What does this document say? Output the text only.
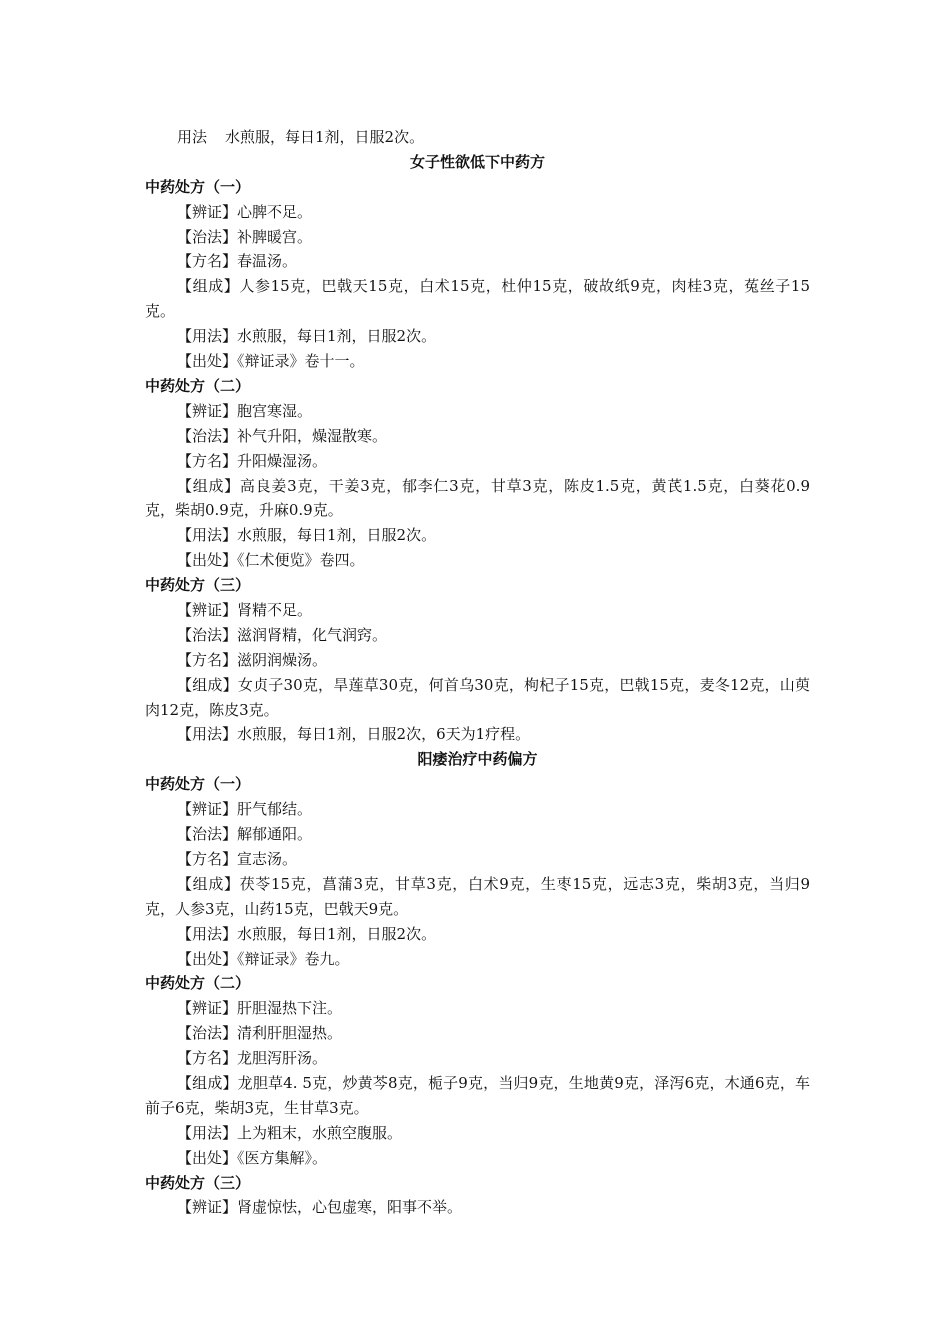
用法 水煎服，每日1剂，日服2次。
女子性欲低下中药方
中药处方（一）
【辨证】心脾不足。
【治法】补脾暖宫。
【方名】春温汤。
【组成】人参15克，巴戟天15克，白术15克，杜仲15克，破故纸9克，肉桂3克，菟丝子15克。
【用法】水煎服，每日1剂，日服2次。
【出处】《辩证录》卷十一。
中药处方（二）
【辨证】胞宫寒湿。
【治法】补气升阳，燥湿散寒。
【方名】升阳燥湿汤。
【组成】高良姜3克，干姜3克，郁李仁3克，甘草3克，陈皮1.5克，黄芪1.5克，白葵花0.9克，柴胡0.9克，升麻0.9克。
【用法】水煎服，每日1剂，日服2次。
【出处】《仁术便览》卷四。
中药处方（三）
【辨证】肾精不足。
【治法】滋润肾精，化气润窍。
【方名】滋阴润燥汤。
【组成】女贞子30克，旱莲草30克，何首乌30克，枸杞子15克，巴戟15克，麦冬12克，山萸肉12克，陈皮3克。
【用法】水煎服，每日1剂，日服2次，6天为1疗程。
阳痿治疗中药偏方
中药处方（一）
【辨证】肝气郁结。
【治法】解郁通阳。
【方名】宣志汤。
【组成】茯苓15克，菖蒲3克，甘草3克，白术9克，生枣15克，远志3克，柴胡3克，当归9克，人参3克，山药15克，巴戟天9克。
【用法】水煎服，每日1剂，日服2次。
【出处】《辩证录》卷九。
中药处方（二）
【辨证】肝胆湿热下注。
【治法】清利肝胆湿热。
【方名】龙胆泻肝汤。
【组成】龙胆草4. 5克，炒黄芩8克，栀子9克，当归9克，生地黄9克，泽泻6克，木通6克，车前子6克，柴胡3克，生甘草3克。
【用法】上为粗末，水煎空腹服。
【出处】《医方集解》。
中药处方（三）
【辨证】肾虚惊怯，心包虚寒，阳事不举。
